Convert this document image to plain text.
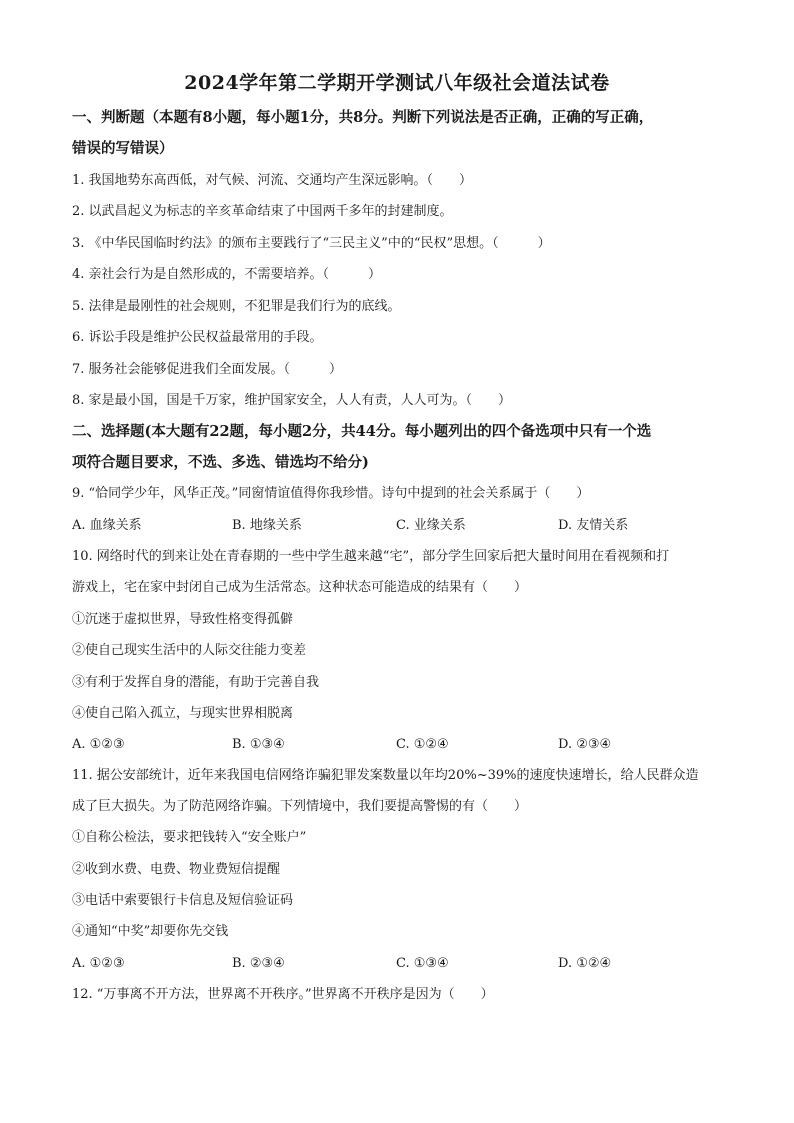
2024学年第二学期开学测试八年级社会道法试卷
一、判断题（本题有8小题，每小题1分，共8分。判断下列说法是否正确，正确的写正确，
错误的写错误）
1. 我国地势东高西低，对气候、河流、交通均产生深远影响。（　　）
2. 以武昌起义为标志的辛亥革命结束了中国两千多年的封建制度。
3. 《中华民国临时约法》的颁布主要践行了“三民主义”中的“民权”思想。（　　　）
4. 亲社会行为是自然形成的，不需要培养。（　　　）
5. 法律是最刚性的社会规则，不犯罪是我们行为的底线。
6. 诉讼手段是维护公民权益最常用的手段。
7. 服务社会能够促进我们全面发展。（　　　）
8. 家是最小国，国是千万家，维护国家安全，人人有责，人人可为。（　　）
二、选择题(本大题有22题，每小题2分，共44分。每小题列出的四个备选项中只有一个选
项符合题目要求，不选、多选、错选均不给分)
9. “恰同学少年，风华正茂。”同窗情谊值得你我珍惜。诗句中提到的社会关系属于（　　）
A. 血缘关系	B. 地缘关系	C. 业缘关系	D. 友情关系
10. 网络时代的到来让处在青春期的一些中学生越来越“宅”，部分学生回家后把大量时间用在看视频和打
游戏上，宅在家中封闭自己成为生活常态。这种状态可能造成的结果有（　　）
①沉迷于虚拟世界，导致性格变得孤僻
②使自己现实生活中的人际交往能力变差
③有利于发挥自身的潜能，有助于完善自我
④使自己陷入孤立，与现实世界相脱离
A. ①②③	B. ①③④	C. ①②④	D. ②③④
11. 据公安部统计，近年来我国电信网络诈骗犯罪发案数量以年均20%~39%的速度快速增长，给人民群众造
成了巨大损失。为了防范网络诈骗。下列情境中，我们要提高警惕的有（　　）
①自称公检法，要求把钱转入“安全账户”
②收到水费、电费、物业费短信提醒
③电话中索要银行卡信息及短信验证码
④通知“中奖”却要你先交钱
A. ①②③	B. ②③④	C. ①③④	D. ①②④
12. “万事离不开方法，世界离不开秩序。”世界离不开秩序是因为（　　）
